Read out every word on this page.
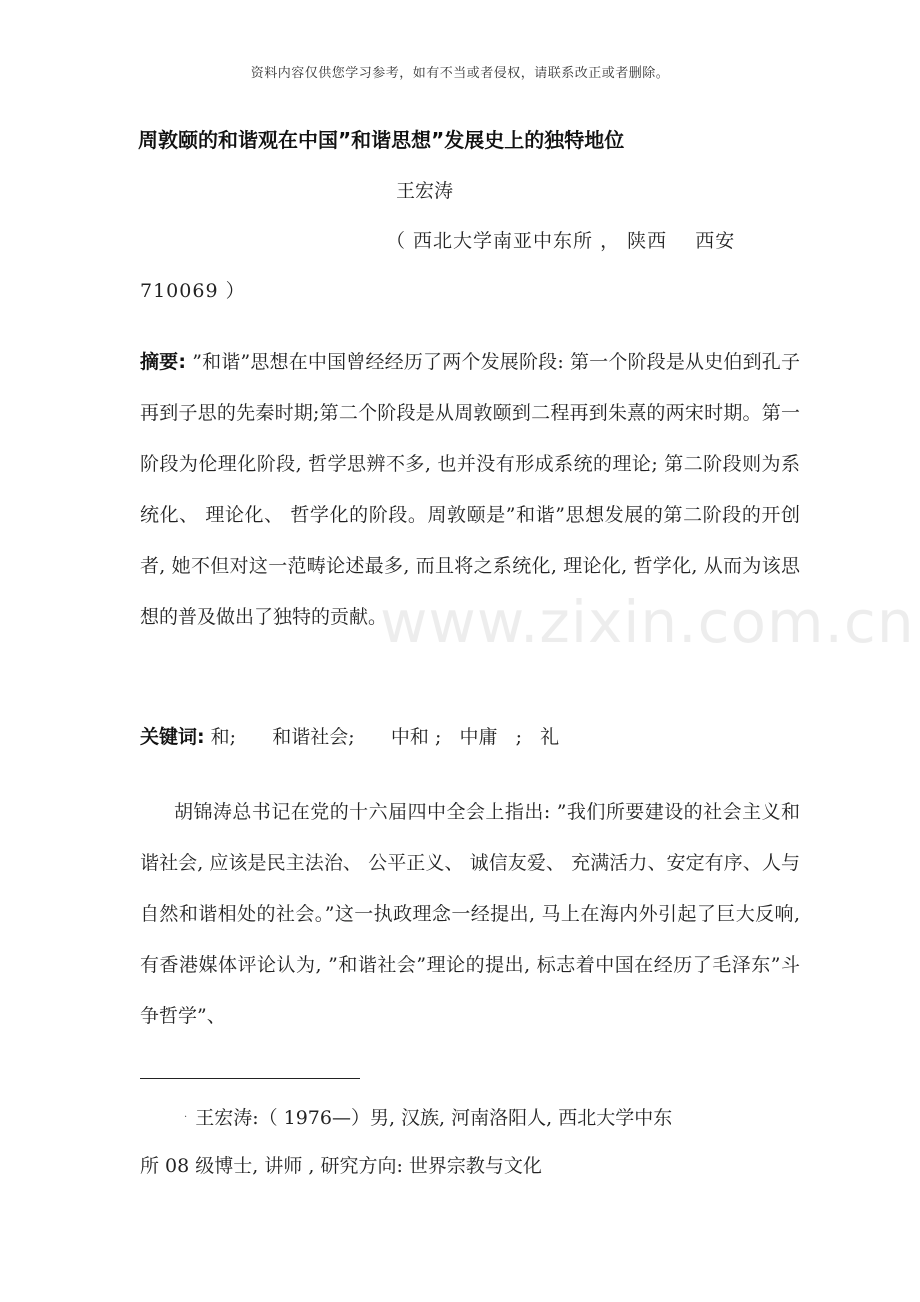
资料内容仅供您学习参考，如有不当或者侵权，请联系改正或者删除。
周敦颐的和谐观在中国”和谐思想”发展史上的独特地位
王宏涛
（ 西北大学南亚中东所 ， 陕西    西安
710069 ）
摘要: ”和谐”思想在中国曾经经历了两个发展阶段: 第一个阶段是从史伯到孔子再到子思的先秦时期;第二个阶段是从周敦颐到二程再到朱熹的两宋时期。第一阶段为伦理化阶段, 哲学思辨不多, 也并没有形成系统的理论; 第二阶段则为系统化、 理论化、 哲学化的阶段。周敦颐是”和谐”思想发展的第二阶段的开创者, 她不但对这一范畴论述最多, 而且将之系统化, 理论化, 哲学化, 从而为该思想的普及做出了独特的贡献。
关键词: 和;      和谐社会;      中和 ;   中庸   ;   礼
胡锦涛总书记在党的十六届四中全会上指出: ”我们所要建设的社会主义和谐社会, 应该是民主法治、 公平正义、 诚信友爱、 充满活力、安定有序、人与自然和谐相处的社会。”这一执政理念一经提出, 马上在海内外引起了巨大反响, 有香港媒体评论认为, ”和谐社会”理论的提出, 标志着中国在经历了毛泽东”斗争哲学”、
www.zixin.com.cn
· 王宏涛:（ 1976—）男, 汉族, 河南洛阳人, 西北大学中东
所 08 级博士, 讲师 , 研究方向: 世界宗教与文化
